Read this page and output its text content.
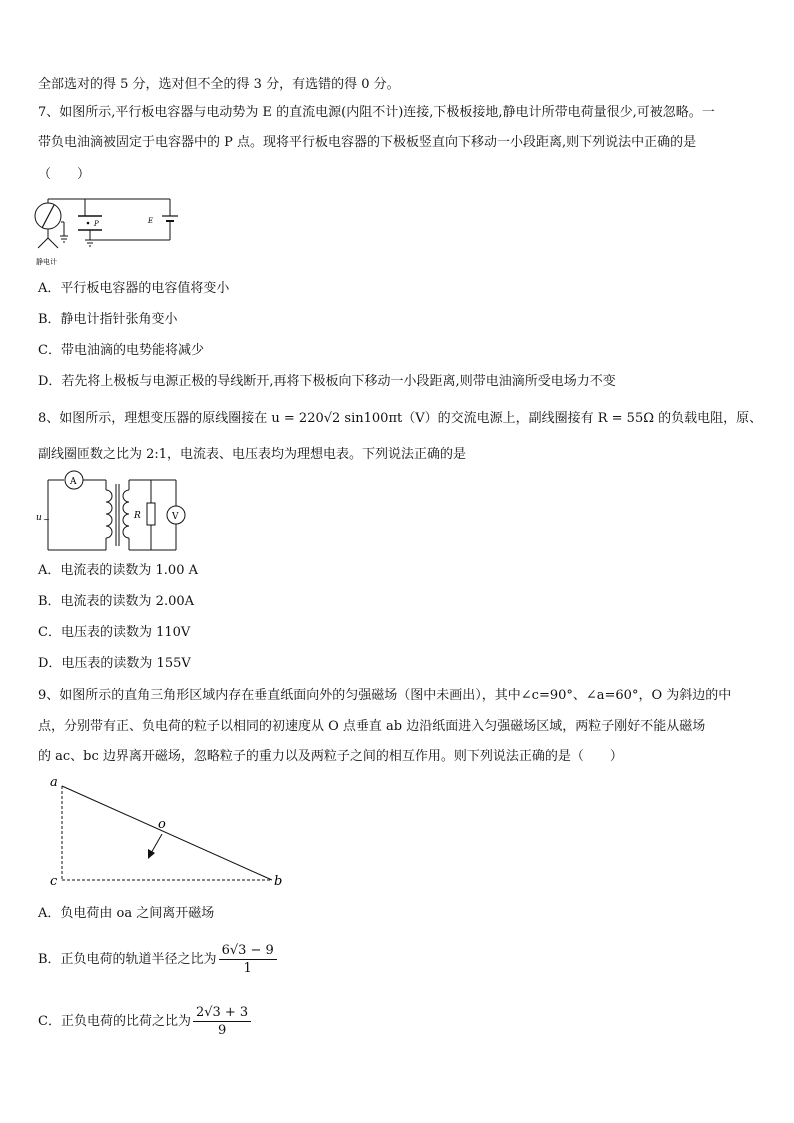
全部选对的得 5 分，选对但不全的得 3 分，有选错的得 0 分。
7、如图所示,平行板电容器与电动势为 E 的直流电源(内阻不计)连接,下极板接地,静电计所带电荷量很少,可被忽略。一
带负电油滴被固定于电容器中的 P 点。现将平行板电容器的下极板竖直向下移动一小段距离,则下列说法中正确的是
（　　）
P	E
静电计
A．平行板电容器的电容值将变小
B．静电计指针张角变小
C．带电油滴的电势能将减少
D．若先将上极板与电源正极的导线断开,再将下极板向下移动一小段距离,则带电油滴所受电场力不变
8、如图所示，理想变压器的原线圈接在 u = 220√2 sin100πt（V）的交流电源上，副线圈接有 R = 55Ω 的负载电阻，原、
副线圈匝数之比为 2:1，电流表、电压表均为理想电表。下列说法正确的是
A
u ~	R	V
A．电流表的读数为 1.00 A
B．电流表的读数为 2.00A
C．电压表的读数为 110V
D．电压表的读数为 155V
9、如图所示的直角三角形区域内存在垂直纸面向外的匀强磁场（图中未画出），其中∠c=90°、∠a=60°，O 为斜边的中
点，分别带有正、负电荷的粒子以相同的初速度从 O 点垂直 ab 边沿纸面进入匀强磁场区域，两粒子刚好不能从磁场
的 ac、bc 边界离开磁场，忽略粒子的重力以及两粒子之间的相互作用。则下列说法正确的是（　　）
a
c	b
o
A．负电荷由 oa 之间离开磁场
B．正负电荷的轨道半径之比为 $\frac{6√3 - 9}{1}$
C．正负电荷的比荷之比为 $\frac{2√3 + 3}{9}$
